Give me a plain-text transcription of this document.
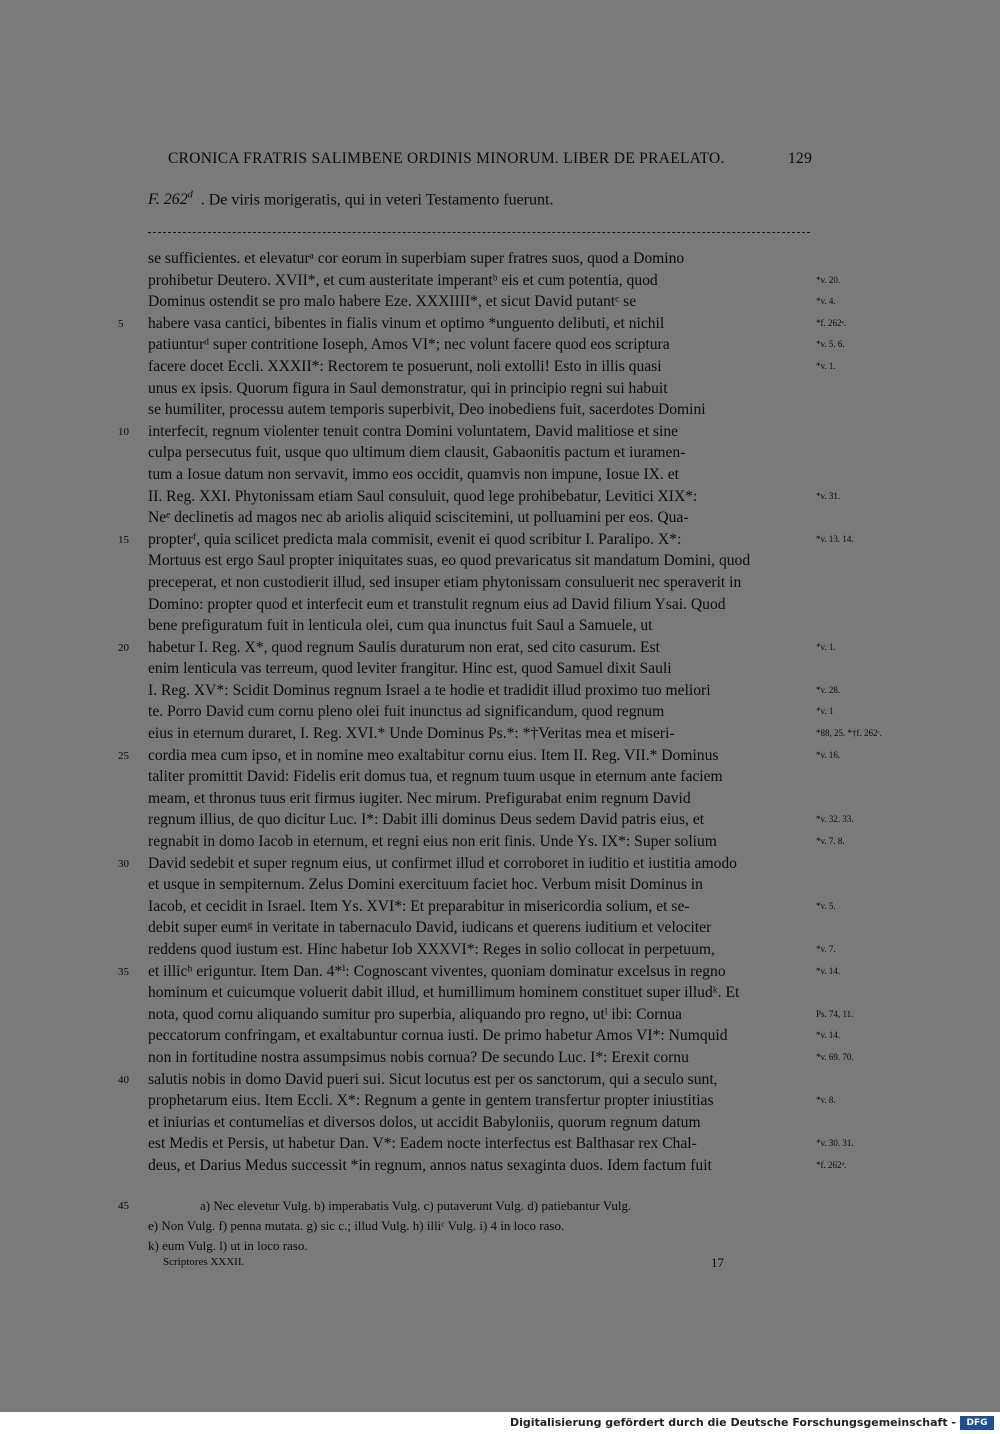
CRONICA FRATRIS SALIMBENE ORDINIS MINORUM. LIBER DE PRAELATO.	129
F. 262$^d$ . De viris morigeratis, qui in veteri Testamento fuerunt.
se sufficientes. et elevaturᵃ cor eorum in superbiam super fratres suos, quod a Domino
prohibetur Deutero. XVII*, et cum austeritate imperantᵇ eis et cum potentia, quod	*v. 20.
Dominus ostendit se pro malo habere Eze. XXXIIII*, et sicut David putantᶜ se	*v. 4.
5	habere vasa cantici, bibentes in fialis vinum et optimo *unguento delibuti, et nichil	*f. 262ᵉ.
patiunturᵈ super contritione Ioseph, Amos VI*; nec volunt facere quod eos scriptura	*v. 5. 6.
facere docet Eccli. XXXII*: Rectorem te posuerunt, noli extolli! Esto in illis quasi	*v. 1.
unus ex ipsis. Quorum figura in Saul demonstratur, qui in principio regni sui habuit
se humiliter, processu autem temporis superbivit, Deo inobediens fuit, sacerdotes Domini
10	interfecit, regnum violenter tenuit contra Domini voluntatem, David malitiose et sine
culpa persecutus fuit, usque quo ultimum diem clausit, Gabaonitis pactum et iuramen-
tum a Iosue datum non servavit, immo eos occidit, quamvis non impune, Iosue IX. et
II. Reg. XXI. Phytonissam etiam Saul consuluit, quod lege prohibebatur, Levitici XIX*:	*v. 31.
Neᵉ declinetis ad magos nec ab ariolis aliquid sciscitemini, ut polluamini per eos. Qua-
15	propterᶠ, quia scilicet predicta mala commisit, evenit ei quod scribitur I. Paralipo. X*:	*v. 13. 14.
Mortuus est ergo Saul propter iniquitates suas, eo quod prevaricatus sit mandatum Domini, quod
preceperat, et non custodierit illud, sed insuper etiam phytonissam consuluerit nec speraverit in
Domino: propter quod et interfecit eum et transtulit regnum eius ad David filium Ysai. Quod
bene prefiguratum fuit in lenticula olei, cum qua inunctus fuit Saul a Samuele, ut
20	habetur I. Reg. X*, quod regnum Saulis duraturum non erat, sed cito casurum. Est	*v. 1.
enim lenticula vas terreum, quod leviter frangitur. Hinc est, quod Samuel dixit Sauli
I. Reg. XV*: Scidit Dominus regnum Israel a te hodie et tradidit illud proximo tuo meliori	*v. 28.
te. Porro David cum cornu pleno olei fuit inunctus ad significandum, quod regnum	*v. 1
eius in eternum duraret, I. Reg. XVI.* Unde Dominus Ps.*: *†Veritas mea et miseri-	*88, 25. *†f. 262ᶜ.
25	cordia mea cum ipso, et in nomine meo exaltabitur cornu eius. Item II. Reg. VII.* Dominus	*v. 16.
taliter promittit David: Fidelis erit domus tua, et regnum tuum usque in eternum ante faciem
meam, et thronus tuus erit firmus iugiter. Nec mirum. Prefigurabat enim regnum David
regnum illius, de quo dicitur Luc. I*: Dabit illi dominus Deus sedem David patris eius, et	*v. 32. 33.
regnabit in domo Iacob in eternum, et regni eius non erit finis. Unde Ys. IX*: Super solium	*v. 7. 8.
30	David sedebit et super regnum eius, ut confirmet illud et corroboret in iuditio et iustitia amodo
et usque in sempiternum. Zelus Domini exercituum faciet hoc. Verbum misit Dominus in
Iacob, et cecidit in Israel. Item Ys. XVI*: Et preparabitur in misericordia solium, et se-	*v. 5.
debit super eumᵍ in veritate in tabernaculo David, iudicans et querens iuditium et velociter
reddens quod iustum est. Hinc habetur Iob XXXVI*: Reges in solio collocat in perpetuum,	*v. 7.
35	et illicʰ eriguntur. Item Dan. 4*ⁱ: Cognoscant viventes, quoniam dominatur excelsus in regno	*v. 14.
hominum et cuicumque voluerit dabit illud, et humillimum hominem constituet super illudᵏ. Et
nota, quod cornu aliquando sumitur pro superbia, aliquando pro regno, utˡ ibi: Cornua	Ps. 74, 11.
peccatorum confringam, et exaltabuntur cornua iusti. De primo habetur Amos VI*: Numquid	*v. 14.
non in fortitudine nostra assumpsimus nobis cornua? De secundo Luc. I*: Erexit cornu	*v. 69. 70.
40	salutis nobis in domo David pueri sui. Sicut locutus est per os sanctorum, qui a seculo sunt,
prophetarum eius. Item Eccli. X*: Regnum a gente in gentem transfertur propter iniustitias	*v. 8.
et iniurias et contumelias et diversos dolos, ut accidit Babyloniis, quorum regnum datum
est Medis et Persis, ut habetur Dan. V*: Eadem nocte interfectus est Balthasar rex Chal-	*v. 30. 31.
deus, et Darius Medus successit *in regnum, annos natus sexaginta duos. Idem factum fuit	*f. 262ᵈ.
45	a) Nec elevetur Vulg. b) imperabatis Vulg. c) putaverunt Vulg. d) patiebantur Vulg.
e) Non Vulg. f) penna mutata. g) sic c.; illud Vulg. h) illiᶜ Vulg. i) 4 in loco raso.
k) eum Vulg. l) ut in loco raso.
Scriptores XXXII.	17
Digitalisierung gefördert durch die Deutsche Forschungsgemeinschaft -	DFG
